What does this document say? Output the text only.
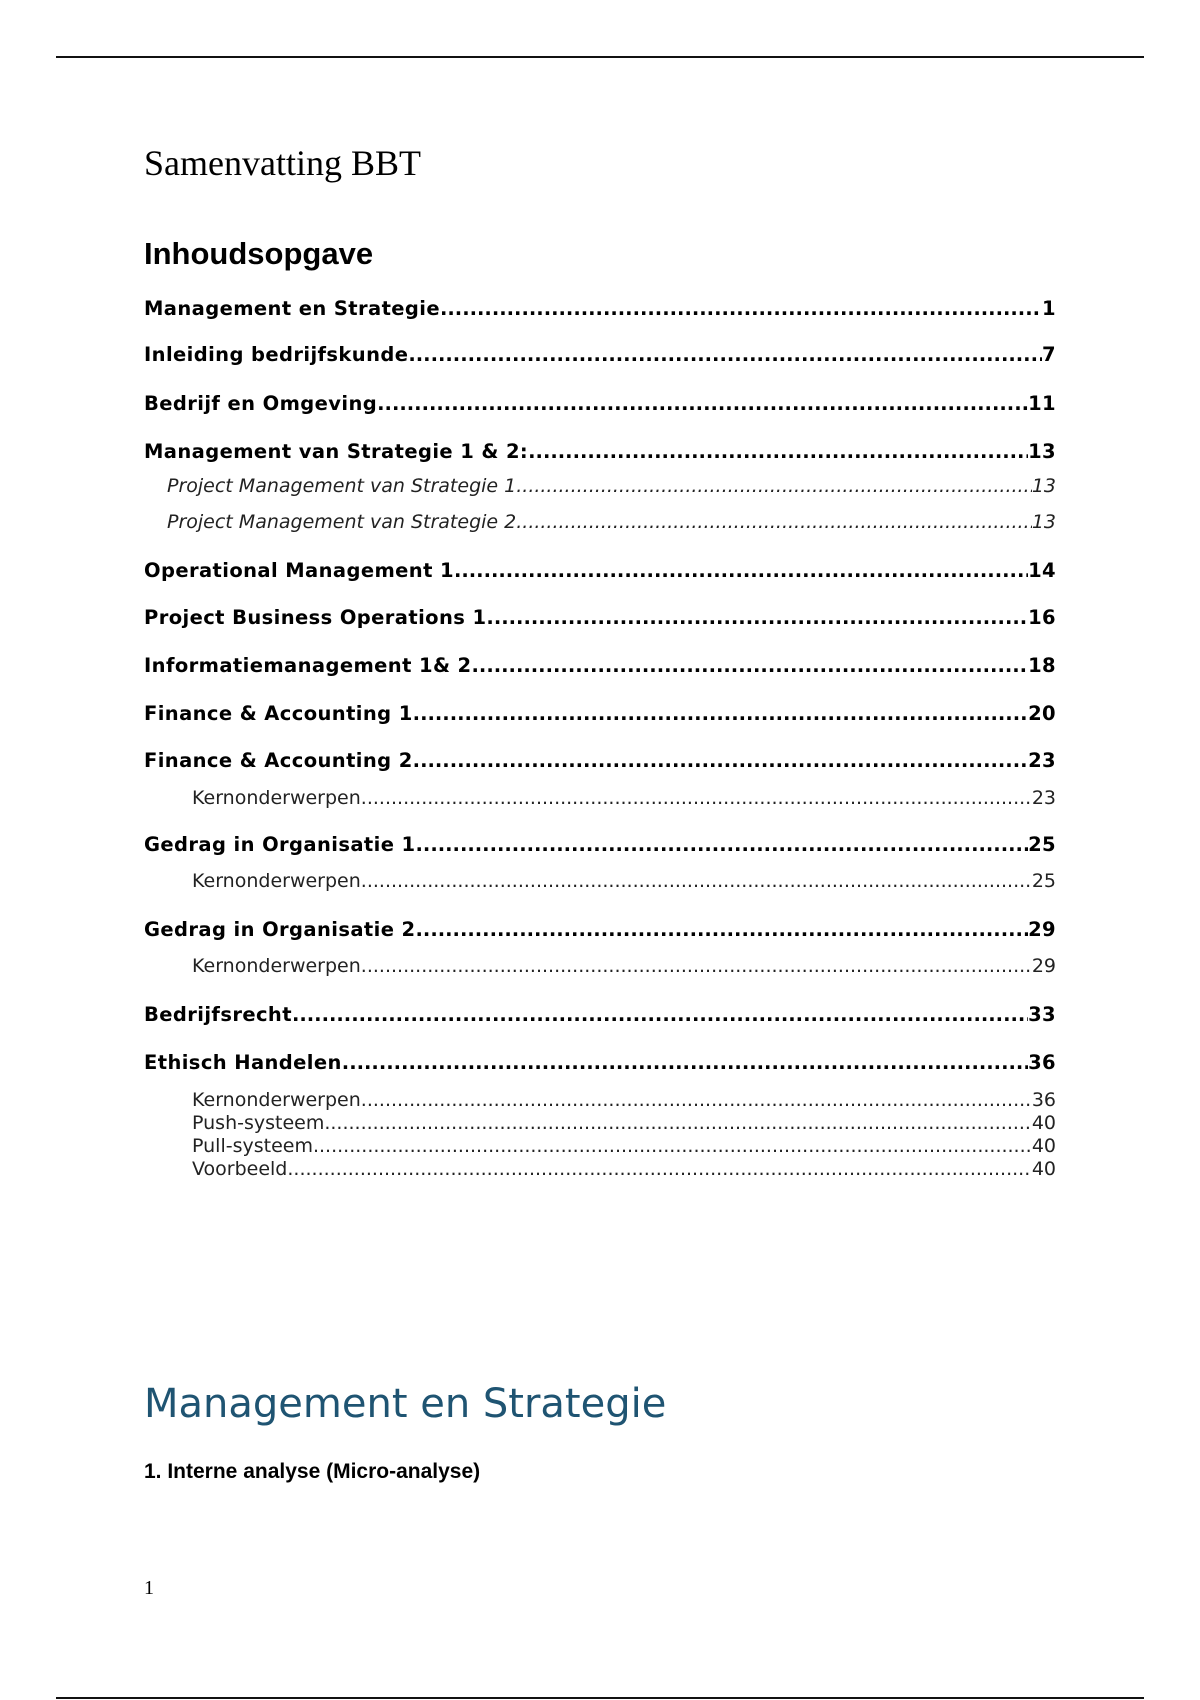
Samenvatting BBT
Inhoudsopgave
Management en Strategie .....	1
Inleiding bedrijfskunde .....	7
Bedrijf en Omgeving .....	11
Management van Strategie 1 & 2: .....	13
Project Management van Strategie 1 .....	13
Project Management van Strategie 2 .....	13
Operational Management 1 .....	14
Project Business Operations 1 .....	16
Informatiemanagement 1& 2 .....	18
Finance & Accounting 1 .....	20
Finance & Accounting 2 .....	23
Kernonderwerpen .....	23
Gedrag in Organisatie 1 .....	25
Kernonderwerpen .....	25
Gedrag in Organisatie 2 .....	29
Kernonderwerpen .....	29
Bedrijfsrecht .....	33
Ethisch Handelen .....	36
Kernonderwerpen .....	36
Push-systeem .....	40
Pull-systeem .....	40
Voorbeeld .....	40
Management en Strategie
1. Interne analyse (Micro-analyse)
1
